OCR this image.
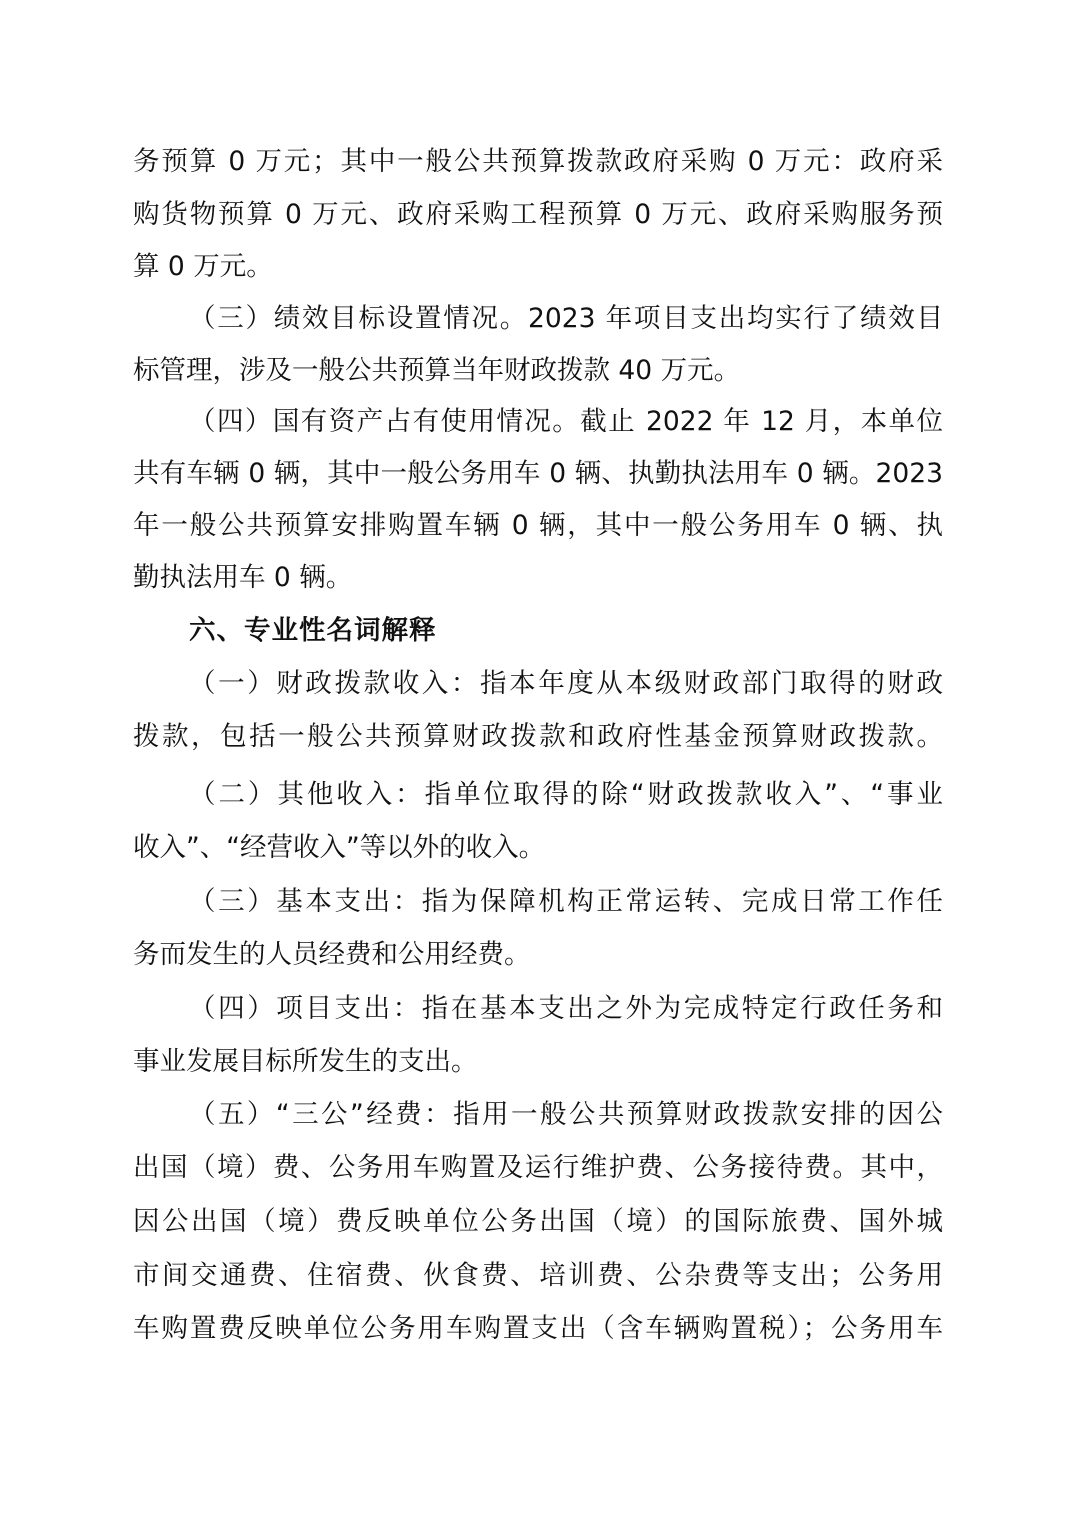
务预算 0 万元；其中一般公共预算拨款政府采购 0 万元：政府采
购货物预算 0 万元、政府采购工程预算 0 万元、政府采购服务预
算 0 万元。
（三）绩效目标设置情况。2023 年项目支出均实行了绩效目
标管理，涉及一般公共预算当年财政拨款 40 万元。
（四）国有资产占有使用情况。截止 2022 年 12 月，本单位
共有车辆 0 辆，其中一般公务用车 0 辆、执勤执法用车 0 辆。2023
年一般公共预算安排购置车辆 0 辆，其中一般公务用车 0 辆、执
勤执法用车 0 辆。
六、专业性名词解释
（一）财政拨款收入：指本年度从本级财政部门取得的财政
拨款，包括一般公共预算财政拨款和政府性基金预算财政拨款。
（二）其他收入：指单位取得的除“财政拨款收入”、“事业
收入”、“经营收入”等以外的收入。
（三）基本支出：指为保障机构正常运转、完成日常工作任
务而发生的人员经费和公用经费。
（四）项目支出：指在基本支出之外为完成特定行政任务和
事业发展目标所发生的支出。
（五）“三公”经费：指用一般公共预算财政拨款安排的因公
出国（境）费、公务用车购置及运行维护费、公务接待费。其中，
因公出国（境）费反映单位公务出国（境）的国际旅费、国外城
市间交通费、住宿费、伙食费、培训费、公杂费等支出；公务用
车购置费反映单位公务用车购置支出（含车辆购置税）；公务用车
